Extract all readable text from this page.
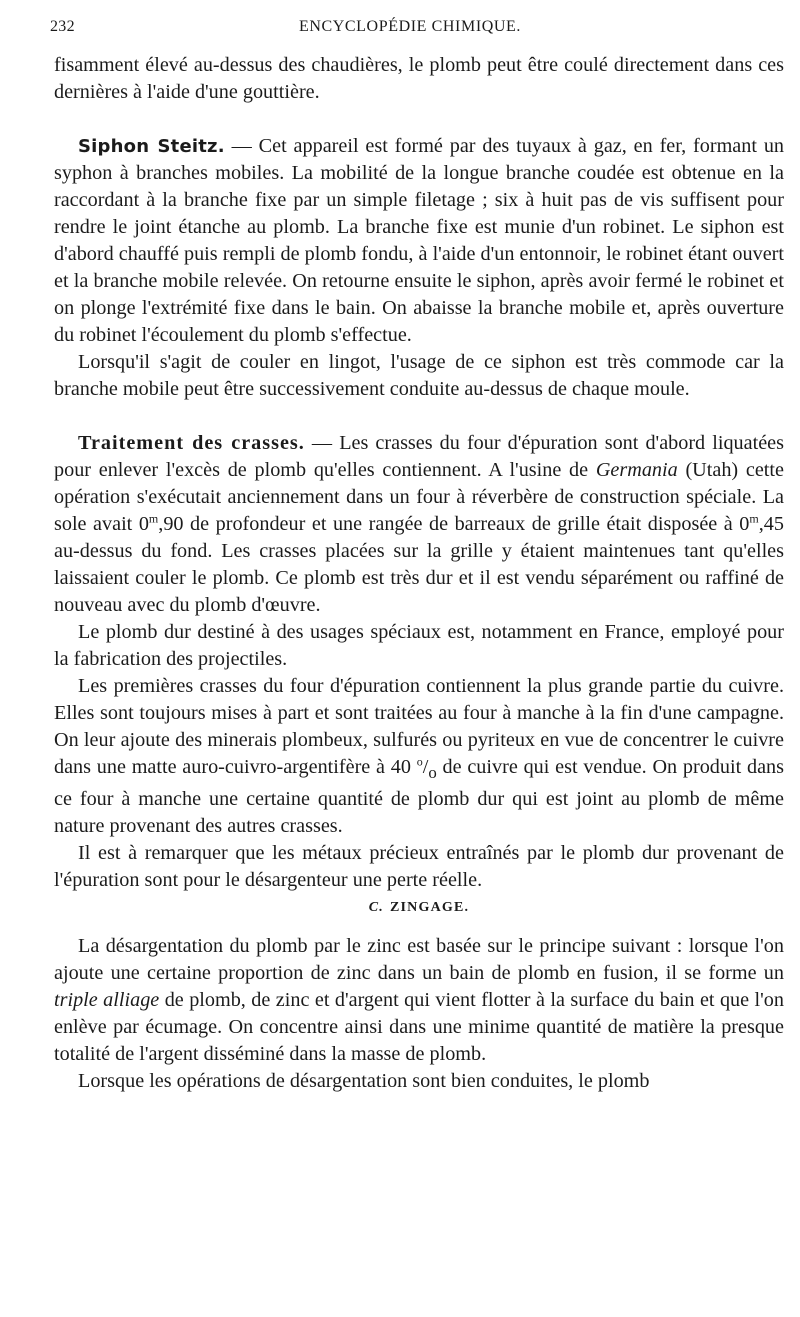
232	ENCYCLOPÉDIE CHIMIQUE.

fisamment élevé au-dessus des chaudières, le plomb peut être coulé directement dans ces dernières à l'aide d'une gouttière.

Siphon Steitz. — Cet appareil est formé par des tuyaux à gaz, en fer, formant un syphon à branches mobiles. La mobilité de la longue branche coudée est obtenue en la raccordant à la branche fixe par un simple filetage ; six à huit pas de vis suffisent pour rendre le joint étanche au plomb. La branche fixe est munie d'un robinet. Le siphon est d'abord chauffé puis rempli de plomb fondu, à l'aide d'un entonnoir, le robinet étant ouvert et la branche mobile relevée. On retourne ensuite le siphon, après avoir fermé le robinet et on plonge l'extrémité fixe dans le bain. On abaisse la branche mobile et, après ouverture du robinet l'écoulement du plomb s'effectue.

Lorsqu'il s'agit de couler en lingot, l'usage de ce siphon est très commode car la branche mobile peut être successivement conduite au-dessus de chaque moule.

Traitement des crasses. — Les crasses du four d'épuration sont d'abord liquatées pour enlever l'excès de plomb qu'elles contiennent. A l'usine de Germania (Utah) cette opération s'exécutait anciennement dans un four à réverbère de construction spéciale. La sole avait 0$^m$,90 de profondeur et une rangée de barreaux de grille était disposée à 0$^m$,45 au-dessus du fond. Les crasses placées sur la grille y étaient maintenues tant qu'elles laissaient couler le plomb. Ce plomb est très dur et il est vendu séparément ou raffiné de nouveau avec du plomb d'œuvre.

Le plomb dur destiné à des usages spéciaux est, notamment en France, employé pour la fabrication des projectiles.

Les premières crasses du four d'épuration contiennent la plus grande partie du cuivre. Elles sont toujours mises à part et sont traitées au four à manche à la fin d'une campagne. On leur ajoute des minerais plombeux, sulfurés ou pyriteux en vue de concentrer le cuivre dans une matte auro-cuivro-argentifère à 40 $^o/_o$ de cuivre qui est vendue. On produit dans ce four à manche une certaine quantité de plomb dur qui est joint au plomb de même nature provenant des autres crasses.

Il est à remarquer que les métaux précieux entraînés par le plomb dur provenant de l'épuration sont pour le désargenteur une perte réelle.

C. ZINGAGE.

La désargentation du plomb par le zinc est basée sur le principe suivant : lorsque l'on ajoute une certaine proportion de zinc dans un bain de plomb en fusion, il se forme un triple alliage de plomb, de zinc et d'argent qui vient flotter à la surface du bain et que l'on enlève par écumage. On concentre ainsi dans une minime quantité de matière la presque totalité de l'argent disséminé dans la masse de plomb.

Lorsque les opérations de désargentation sont bien conduites, le plomb
